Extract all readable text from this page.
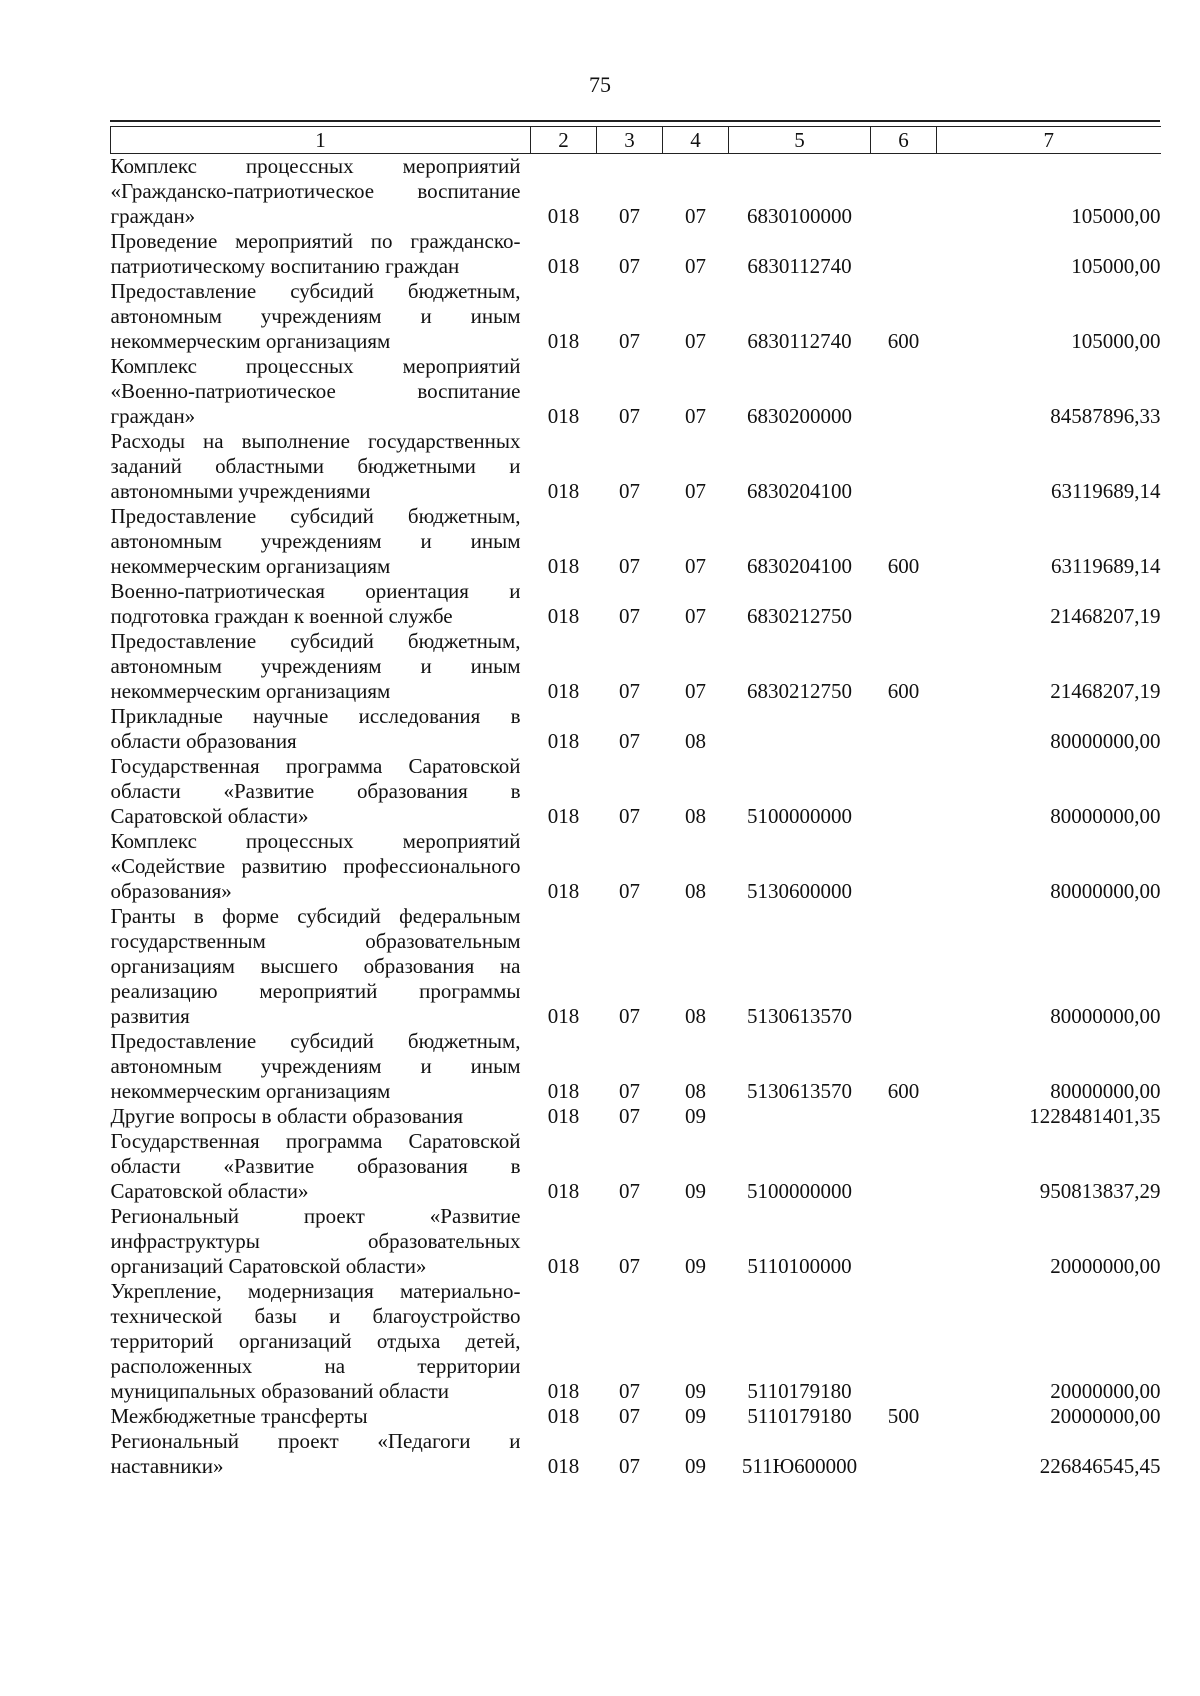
75
1	2	3	4	5	6	7
Комплекс процессных мероприятий «Гражданско-патриотическое воспитание граждан»	018	07	07	6830100000		105000,00
Проведение мероприятий по гражданско-патриотическому воспитанию граждан	018	07	07	6830112740		105000,00
Предоставление субсидий бюджетным, автономным учреждениям и иным некоммерческим организациям	018	07	07	6830112740	600	105000,00
Комплекс процессных мероприятий «Военно-патриотическое воспитание граждан»	018	07	07	6830200000		84587896,33
Расходы на выполнение государственных заданий областными бюджетными и автономными учреждениями	018	07	07	6830204100		63119689,14
Предоставление субсидий бюджетным, автономным учреждениям и иным некоммерческим организациям	018	07	07	6830204100	600	63119689,14
Военно-патриотическая ориентация и подготовка граждан к военной службе	018	07	07	6830212750		21468207,19
Предоставление субсидий бюджетным, автономным учреждениям и иным некоммерческим организациям	018	07	07	6830212750	600	21468207,19
Прикладные научные исследования в области образования	018	07	08			80000000,00
Государственная программа Саратовской области «Развитие образования в Саратовской области»	018	07	08	5100000000		80000000,00
Комплекс процессных мероприятий «Содействие развитию профессионального образования»	018	07	08	5130600000		80000000,00
Гранты в форме субсидий федеральным государственным образовательным организациям высшего образования на реализацию мероприятий программы развития	018	07	08	5130613570		80000000,00
Предоставление субсидий бюджетным, автономным учреждениям и иным некоммерческим организациям	018	07	08	5130613570	600	80000000,00
Другие вопросы в области образования	018	07	09			1228481401,35
Государственная программа Саратовской области «Развитие образования в Саратовской области»	018	07	09	5100000000		950813837,29
Региональный проект «Развитие инфраструктуры образовательных организаций Саратовской области»	018	07	09	5110100000		20000000,00
Укрепление, модернизация материально-технической базы и благоустройство территорий организаций отдыха детей, расположенных на территории муниципальных образований области	018	07	09	5110179180		20000000,00
Межбюджетные трансферты	018	07	09	5110179180	500	20000000,00
Региональный проект «Педагоги и наставники»	018	07	09	511Ю600000		226846545,45
